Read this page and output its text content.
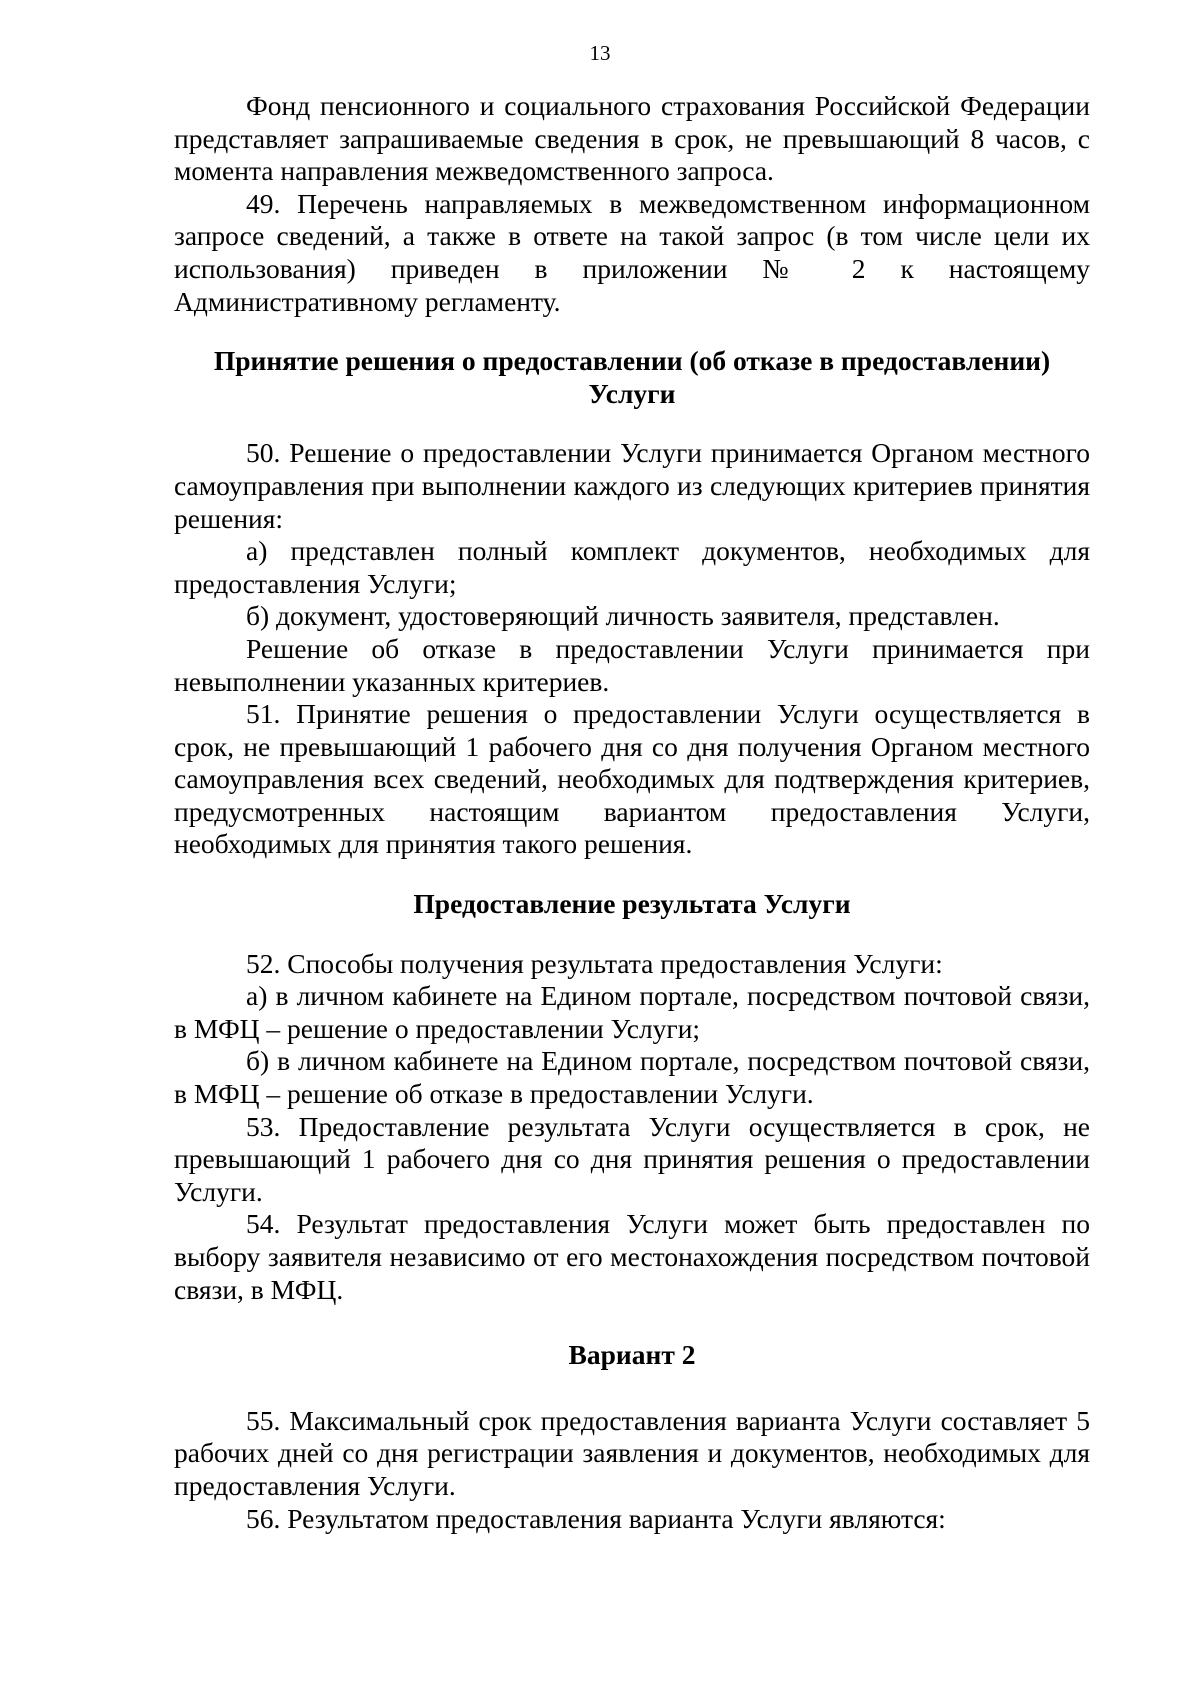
13

Фонд пенсионного и социального страхования Российской Федерации представляет запрашиваемые сведения в срок, не превышающий 8 часов, с момента направления межведомственного запроса.

49. Перечень направляемых в межведомственном информационном запросе сведений, а также в ответе на такой запрос (в том числе цели их использования) приведен в приложении № 2 к настоящему Административному регламенту.

Принятие решения о предоставлении (об отказе в предоставлении) Услуги

50. Решение о предоставлении Услуги принимается Органом местного самоуправления при выполнении каждого из следующих критериев принятия решения:

а) представлен полный комплект документов, необходимых для предоставления Услуги;

б) документ, удостоверяющий личность заявителя, представлен.

Решение об отказе в предоставлении Услуги принимается при невыполнении указанных критериев.

51. Принятие решения о предоставлении Услуги осуществляется в срок, не превышающий 1 рабочего дня со дня получения Органом местного самоуправления всех сведений, необходимых для подтверждения критериев, предусмотренных настоящим вариантом предоставления Услуги, необходимых для принятия такого решения.

Предоставление результата Услуги

52. Способы получения результата предоставления Услуги:

а) в личном кабинете на Едином портале, посредством почтовой связи, в МФЦ – решение о предоставлении Услуги;

б) в личном кабинете на Едином портале, посредством почтовой связи, в МФЦ – решение об отказе в предоставлении Услуги.

53. Предоставление результата Услуги осуществляется в срок, не превышающий 1 рабочего дня со дня принятия решения о предоставлении Услуги.

54. Результат предоставления Услуги может быть предоставлен по выбору заявителя независимо от его местонахождения посредством почтовой связи, в МФЦ.

Вариант 2

55. Максимальный срок предоставления варианта Услуги составляет 5 рабочих дней со дня регистрации заявления и документов, необходимых для предоставления Услуги.

56. Результатом предоставления варианта Услуги являются:
